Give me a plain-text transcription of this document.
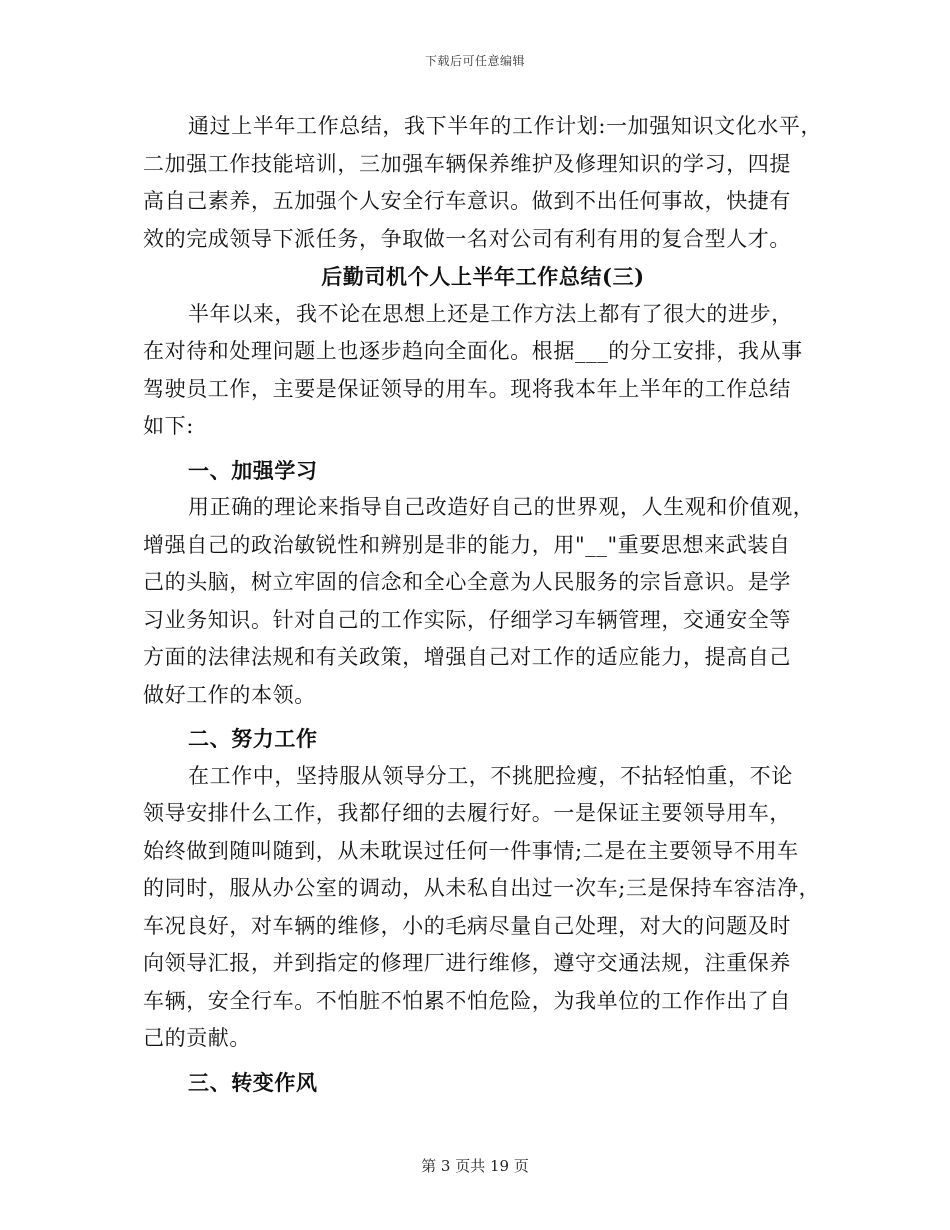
下载后可任意编辑
通过上半年工作总结，我下半年的工作计划:一加强知识文化水平，
二加强工作技能培训，三加强车辆保养维护及修理知识的学习，四提
高自己素养，五加强个人安全行车意识。做到不出任何事故，快捷有
效的完成领导下派任务，争取做一名对公司有利有用的复合型人才。
后勤司机个人上半年工作总结(三)
半年以来，我不论在思想上还是工作方法上都有了很大的进步，
在对待和处理问题上也逐步趋向全面化。根据___的分工安排，我从事
驾驶员工作，主要是保证领导的用车。现将我本年上半年的工作总结
如下:
一、加强学习
用正确的理论来指导自己改造好自己的世界观，人生观和价值观，
增强自己的政治敏锐性和辨别是非的能力，用"__"重要思想来武装自
己的头脑，树立牢固的信念和全心全意为人民服务的宗旨意识。是学
习业务知识。针对自己的工作实际，仔细学习车辆管理，交通安全等
方面的法律法规和有关政策，增强自己对工作的适应能力，提高自己
做好工作的本领。
二、努力工作
在工作中，坚持服从领导分工，不挑肥捡瘦，不拈轻怕重，不论
领导安排什么工作，我都仔细的去履行好。一是保证主要领导用车，
始终做到随叫随到，从未耽误过任何一件事情;二是在主要领导不用车
的同时，服从办公室的调动，从未私自出过一次车;三是保持车容洁净，
车况良好，对车辆的维修，小的毛病尽量自己处理，对大的问题及时
向领导汇报，并到指定的修理厂进行维修，遵守交通法规，注重保养
车辆，安全行车。不怕脏不怕累不怕危险，为我单位的工作作出了自
己的贡献。
三、转变作风
第 3 页共 19 页
